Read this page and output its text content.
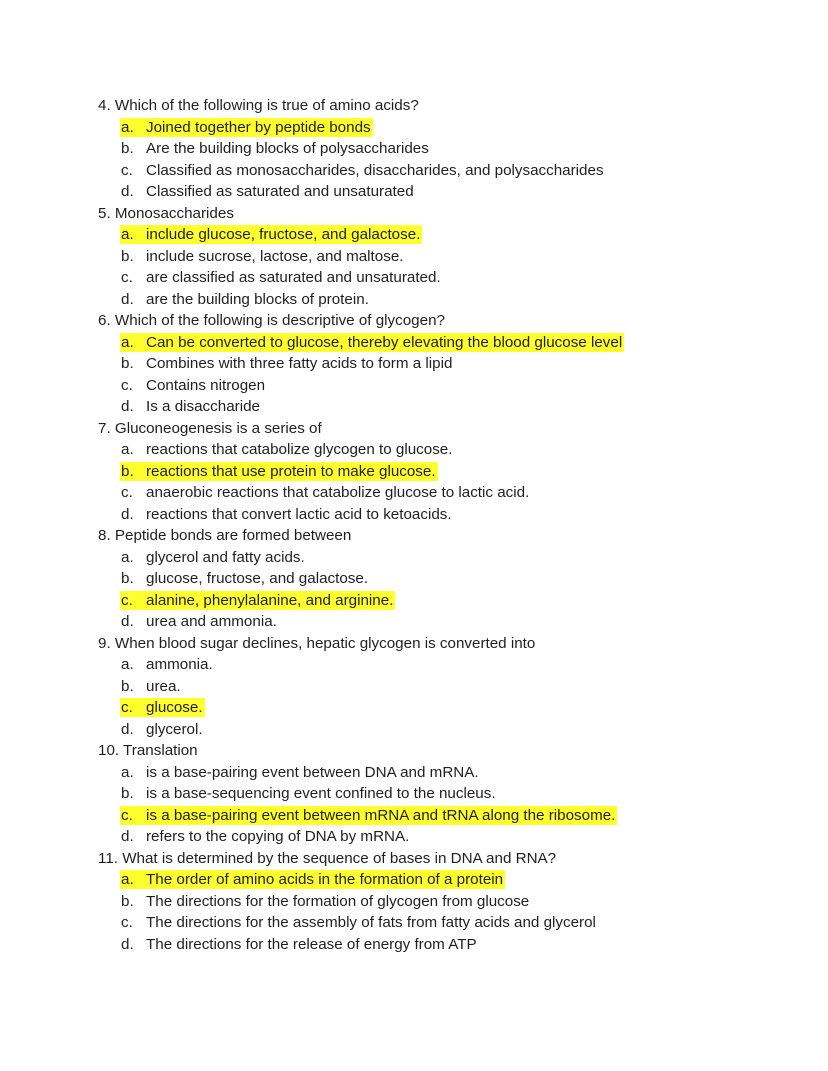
4. Which of the following is true of amino acids?
a. Joined together by peptide bonds
b. Are the building blocks of polysaccharides
c. Classified as monosaccharides, disaccharides, and polysaccharides
d. Classified as saturated and unsaturated
5. Monosaccharides
a. include glucose, fructose, and galactose.
b. include sucrose, lactose, and maltose.
c. are classified as saturated and unsaturated.
d. are the building blocks of protein.
6. Which of the following is descriptive of glycogen?
a. Can be converted to glucose, thereby elevating the blood glucose level
b. Combines with three fatty acids to form a lipid
c. Contains nitrogen
d. Is a disaccharide
7. Gluconeogenesis is a series of
a. reactions that catabolize glycogen to glucose.
b. reactions that use protein to make glucose.
c. anaerobic reactions that catabolize glucose to lactic acid.
d. reactions that convert lactic acid to ketoacids.
8. Peptide bonds are formed between
a. glycerol and fatty acids.
b. glucose, fructose, and galactose.
c. alanine, phenylalanine, and arginine.
d. urea and ammonia.
9. When blood sugar declines, hepatic glycogen is converted into
a. ammonia.
b. urea.
c. glucose.
d. glycerol.
10. Translation
a. is a base-pairing event between DNA and mRNA.
b. is a base-sequencing event confined to the nucleus.
c. is a base-pairing event between mRNA and tRNA along the ribosome.
d. refers to the copying of DNA by mRNA.
11. What is determined by the sequence of bases in DNA and RNA?
a. The order of amino acids in the formation of a protein
b. The directions for the formation of glycogen from glucose
c. The directions for the assembly of fats from fatty acids and glycerol
d. The directions for the release of energy from ATP
